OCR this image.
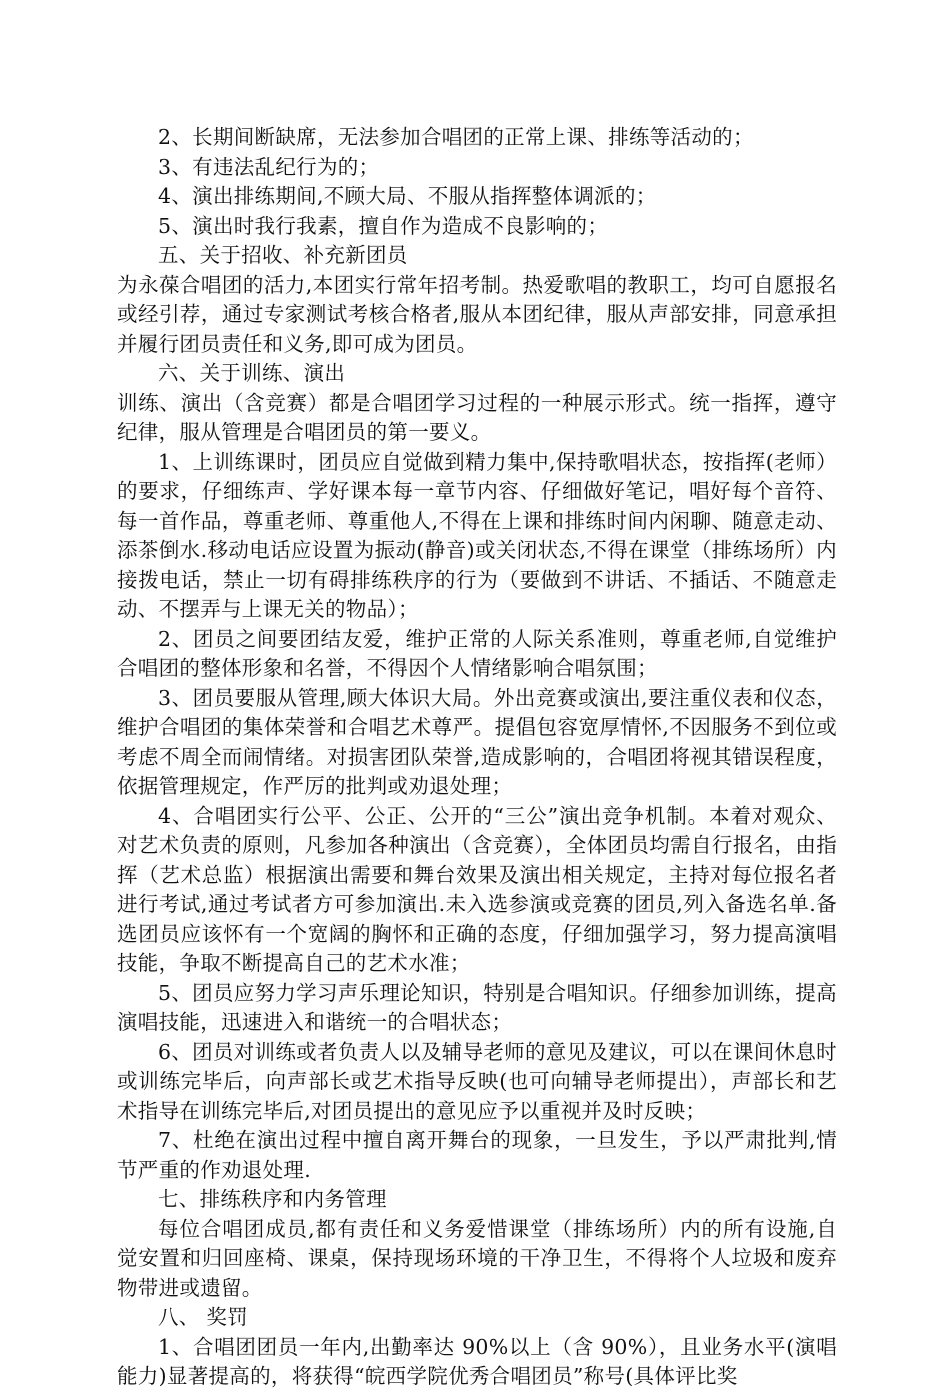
2、长期间断缺席，无法参加合唱团的正常上课、排练等活动的；

3、有违法乱纪行为的；

4、演出排练期间,不顾大局、不服从指挥整体调派的；

5、演出时我行我素，擅自作为造成不良影响的；

五、关于招收、补充新团员

为永葆合唱团的活力,本团实行常年招考制。热爱歌唱的教职工，均可自愿报名或经引荐，通过专家测试考核合格者,服从本团纪律，服从声部安排，同意承担并履行团员责任和义务,即可成为团员。

六、关于训练、演出

训练、演出（含竞赛）都是合唱团学习过程的一种展示形式。统一指挥，遵守纪律，服从管理是合唱团员的第一要义。

1、上训练课时，团员应自觉做到精力集中,保持歌唱状态，按指挥(老师）的要求，仔细练声、学好课本每一章节内容、仔细做好笔记，唱好每个音符、每一首作品，尊重老师、尊重他人,不得在上课和排练时间内闲聊、随意走动、添茶倒水.移动电话应设置为振动(静音)或关闭状态,不得在课堂（排练场所）内接拨电话，禁止一切有碍排练秩序的行为（要做到不讲话、不插话、不随意走动、不摆弄与上课无关的物品）；

2、团员之间要团结友爱，维护正常的人际关系准则，尊重老师,自觉维护合唱团的整体形象和名誉，不得因个人情绪影响合唱氛围；

3、团员要服从管理,顾大体识大局。外出竞赛或演出,要注重仪表和仪态，维护合唱团的集体荣誉和合唱艺术尊严。提倡包容宽厚情怀,不因服务不到位或考虑不周全而闹情绪。对损害团队荣誉,造成影响的，合唱团将视其错误程度，依据管理规定，作严厉的批判或劝退处理；

4、合唱团实行公平、公正、公开的“三公”演出竞争机制。本着对观众、对艺术负责的原则，凡参加各种演出（含竞赛），全体团员均需自行报名，由指挥（艺术总监）根据演出需要和舞台效果及演出相关规定，主持对每位报名者进行考试,通过考试者方可参加演出.未入选参演或竞赛的团员,列入备选名单.备选团员应该怀有一个宽阔的胸怀和正确的态度，仔细加强学习，努力提高演唱技能，争取不断提高自己的艺术水准；

5、团员应努力学习声乐理论知识，特别是合唱知识。仔细参加训练，提高演唱技能，迅速进入和谐统一的合唱状态；

6、团员对训练或者负责人以及辅导老师的意见及建议，可以在课间休息时或训练完毕后，向声部长或艺术指导反映(也可向辅导老师提出），声部长和艺术指导在训练完毕后,对团员提出的意见应予以重视并及时反映；

7、杜绝在演出过程中擅自离开舞台的现象，一旦发生，予以严肃批判,情节严重的作劝退处理.

七、排练秩序和内务管理

每位合唱团成员,都有责任和义务爱惜课堂（排练场所）内的所有设施,自觉安置和归回座椅、课桌，保持现场环境的干净卫生，不得将个人垃圾和废弃物带进或遗留。

八、 奖罚

1、合唱团团员一年内,出勤率达 90%以上（含 90%），且业务水平(演唱能力)显著提高的，将获得“皖西学院优秀合唱团员”称号(具体评比奖
